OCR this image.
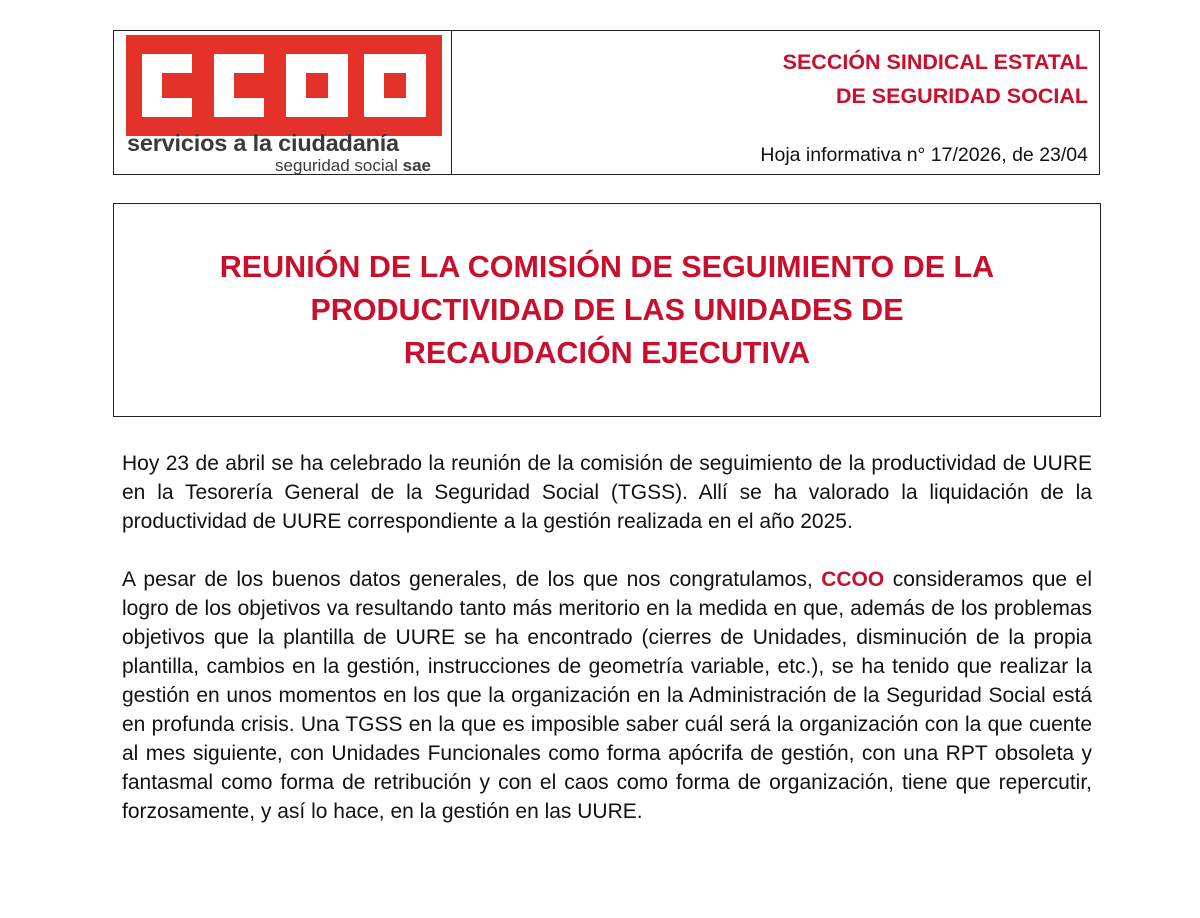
servicios a la ciudadanía
seguridad social sae
SECCIÓN SINDICAL ESTATAL
DE SEGURIDAD SOCIAL
Hoja informativa n° 17/2026, de 23/04
REUNIÓN DE LA COMISIÓN DE SEGUIMIENTO DE LA
PRODUCTIVIDAD DE LAS UNIDADES DE
RECAUDACIÓN EJECUTIVA

Hoy 23 de abril se ha celebrado la reunión de la comisión de seguimiento de la productividad de UURE en la Tesorería General de la Seguridad Social (TGSS). Allí se ha valorado la liquidación de la productividad de UURE correspondiente a la gestión realizada en el año 2025.

A pesar de los buenos datos generales, de los que nos congratulamos, CCOO consideramos que el logro de los objetivos va resultando tanto más meritorio en la medida en que, además de los problemas objetivos que la plantilla de UURE se ha encontrado (cierres de Unidades, disminución de la propia plantilla, cambios en la gestión, instrucciones de geometría variable, etc.), se ha tenido que realizar la gestión en unos momentos en los que la organización en la Administración de la Seguridad Social está en profunda crisis. Una TGSS en la que es imposible saber cuál será la organización con la que cuente al mes siguiente, con Unidades Funcionales como forma apócrifa de gestión, con una RPT obsoleta y fantasmal como forma de retribución y con el caos como forma de organización, tiene que repercutir, forzosamente, y así lo hace, en la gestión en las UURE.
